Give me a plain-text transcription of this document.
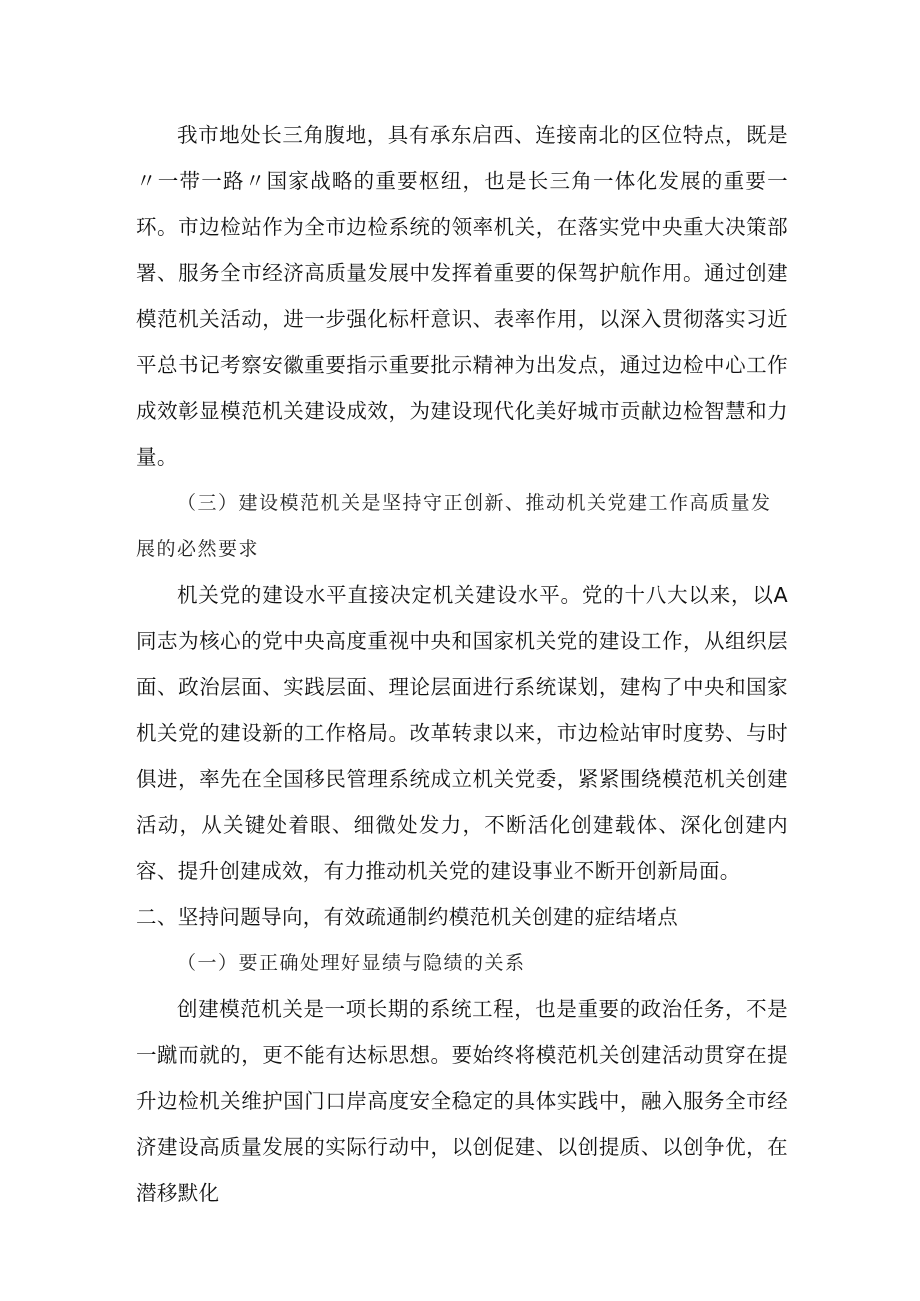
我市地处长三角腹地，具有承东启西、连接南北的区位特点，既是〃一带一路〃国家战略的重要枢纽，也是长三角一体化发展的重要一环。市边检站作为全市边检系统的领率机关，在落实党中央重大决策部署、服务全市经济高质量发展中发挥着重要的保驾护航作用。通过创建模范机关活动，进一步强化标杆意识、表率作用，以深入贯彻落实习近平总书记考察安徽重要指示重要批示精神为出发点，通过边检中心工作成效彰显模范机关建设成效，为建设现代化美好城市贡献边检智慧和力量。

（三）建设模范机关是坚持守正创新、推动机关党建工作高质量发展的必然要求

机关党的建设水平直接决定机关建设水平。党的十八大以来，以A同志为核心的党中央高度重视中央和国家机关党的建设工作，从组织层面、政治层面、实践层面、理论层面进行系统谋划，建构了中央和国家机关党的建设新的工作格局。改革转隶以来，市边检站审时度势、与时俱进，率先在全国移民管理系统成立机关党委，紧紧围绕模范机关创建活动，从关键处着眼、细微处发力，不断活化创建载体、深化创建内容、提升创建成效，有力推动机关党的建设事业不断开创新局面。

二、坚持问题导向，有效疏通制约模范机关创建的症结堵点

（一）要正确处理好显绩与隐绩的关系

创建模范机关是一项长期的系统工程，也是重要的政治任务，不是一蹴而就的，更不能有达标思想。要始终将模范机关创建活动贯穿在提升边检机关维护国门口岸高度安全稳定的具体实践中，融入服务全市经济建设高质量发展的实际行动中，以创促建、以创提质、以创争优，在潜移默化
